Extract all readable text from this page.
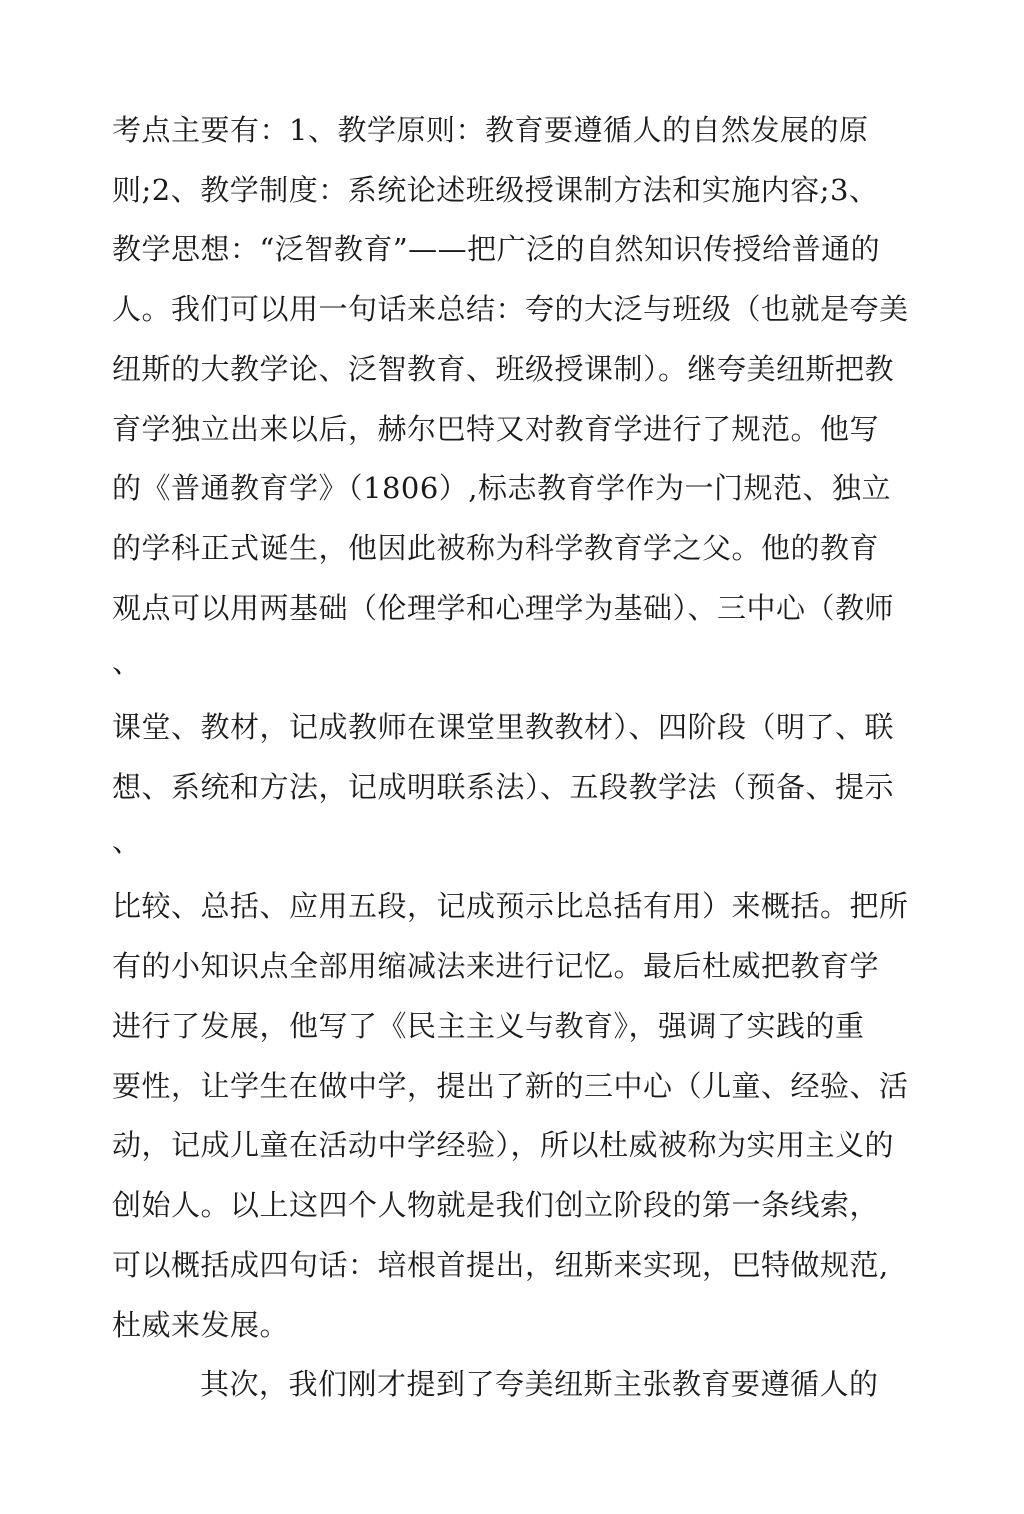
考点主要有：1、教学原则：教育要遵循人的自然发展的原
则;2、教学制度：系统论述班级授课制方法和实施内容;3、
教学思想：“泛智教育”——把广泛的自然知识传授给普通的
人。我们可以用一句话来总结：夸的大泛与班级（也就是夸美
纽斯的大教学论、泛智教育、班级授课制）。继夸美纽斯把教
育学独立出来以后，赫尔巴特又对教育学进行了规范。他写
的《普通教育学》（1806）,标志教育学作为一门规范、独立
的学科正式诞生，他因此被称为科学教育学之父。他的教育
观点可以用两基础（伦理学和心理学为基础）、三中心（教师
、
课堂、教材，记成教师在课堂里教教材）、四阶段（明了、联
想、系统和方法，记成明联系法）、五段教学法（预备、提示
、
比较、总括、应用五段，记成预示比总括有用）来概括。把所
有的小知识点全部用缩减法来进行记忆。最后杜威把教育学
进行了发展，他写了《民主主义与教育》，强调了实践的重
要性，让学生在做中学，提出了新的三中心（儿童、经验、活
动，记成儿童在活动中学经验），所以杜威被称为实用主义的
创始人。以上这四个人物就是我们创立阶段的第一条线索，
可以概括成四句话：培根首提出，纽斯来实现，巴特做规范,
杜威来发展。
其次，我们刚才提到了夸美纽斯主张教育要遵循人的
